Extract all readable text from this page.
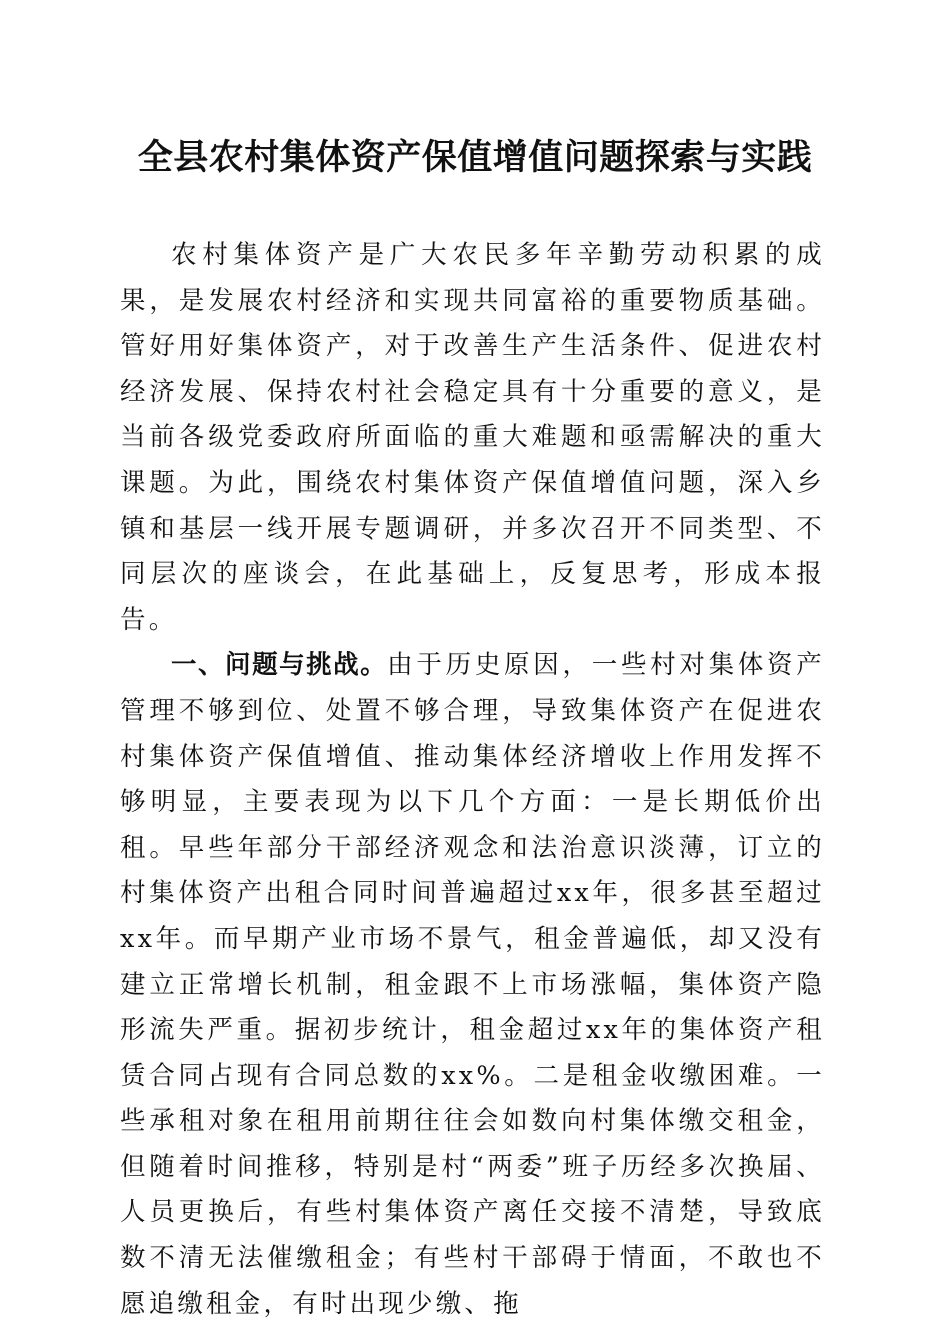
全县农村集体资产保值增值问题探索与实践

农村集体资产是广大农民多年辛勤劳动积累的成果，是发展农村经济和实现共同富裕的重要物质基础。管好用好集体资产，对于改善生产生活条件、促进农村经济发展、保持农村社会稳定具有十分重要的意义，是当前各级党委政府所面临的重大难题和亟需解决的重大课题。为此，围绕农村集体资产保值增值问题，深入乡镇和基层一线开展专题调研，并多次召开不同类型、不同层次的座谈会，在此基础上，反复思考，形成本报告。

一、问题与挑战。由于历史原因，一些村对集体资产管理不够到位、处置不够合理，导致集体资产在促进农村集体资产保值增值、推动集体经济增收上作用发挥不够明显，主要表现为以下几个方面：一是长期低价出租。早些年部分干部经济观念和法治意识淡薄，订立的村集体资产出租合同时间普遍超过xx年，很多甚至超过xx年。而早期产业市场不景气，租金普遍低，却又没有建立正常增长机制，租金跟不上市场涨幅，集体资产隐形流失严重。据初步统计，租金超过xx年的集体资产租赁合同占现有合同总数的xx%。二是租金收缴困难。一些承租对象在租用前期往往会如数向村集体缴交租金，但随着时间推移，特别是村“两委”班子历经多次换届、人员更换后，有些村集体资产离任交接不清楚，导致底数不清无法催缴租金；有些村干部碍于情面，不敢也不愿追缴租金，有时出现少缴、拖
